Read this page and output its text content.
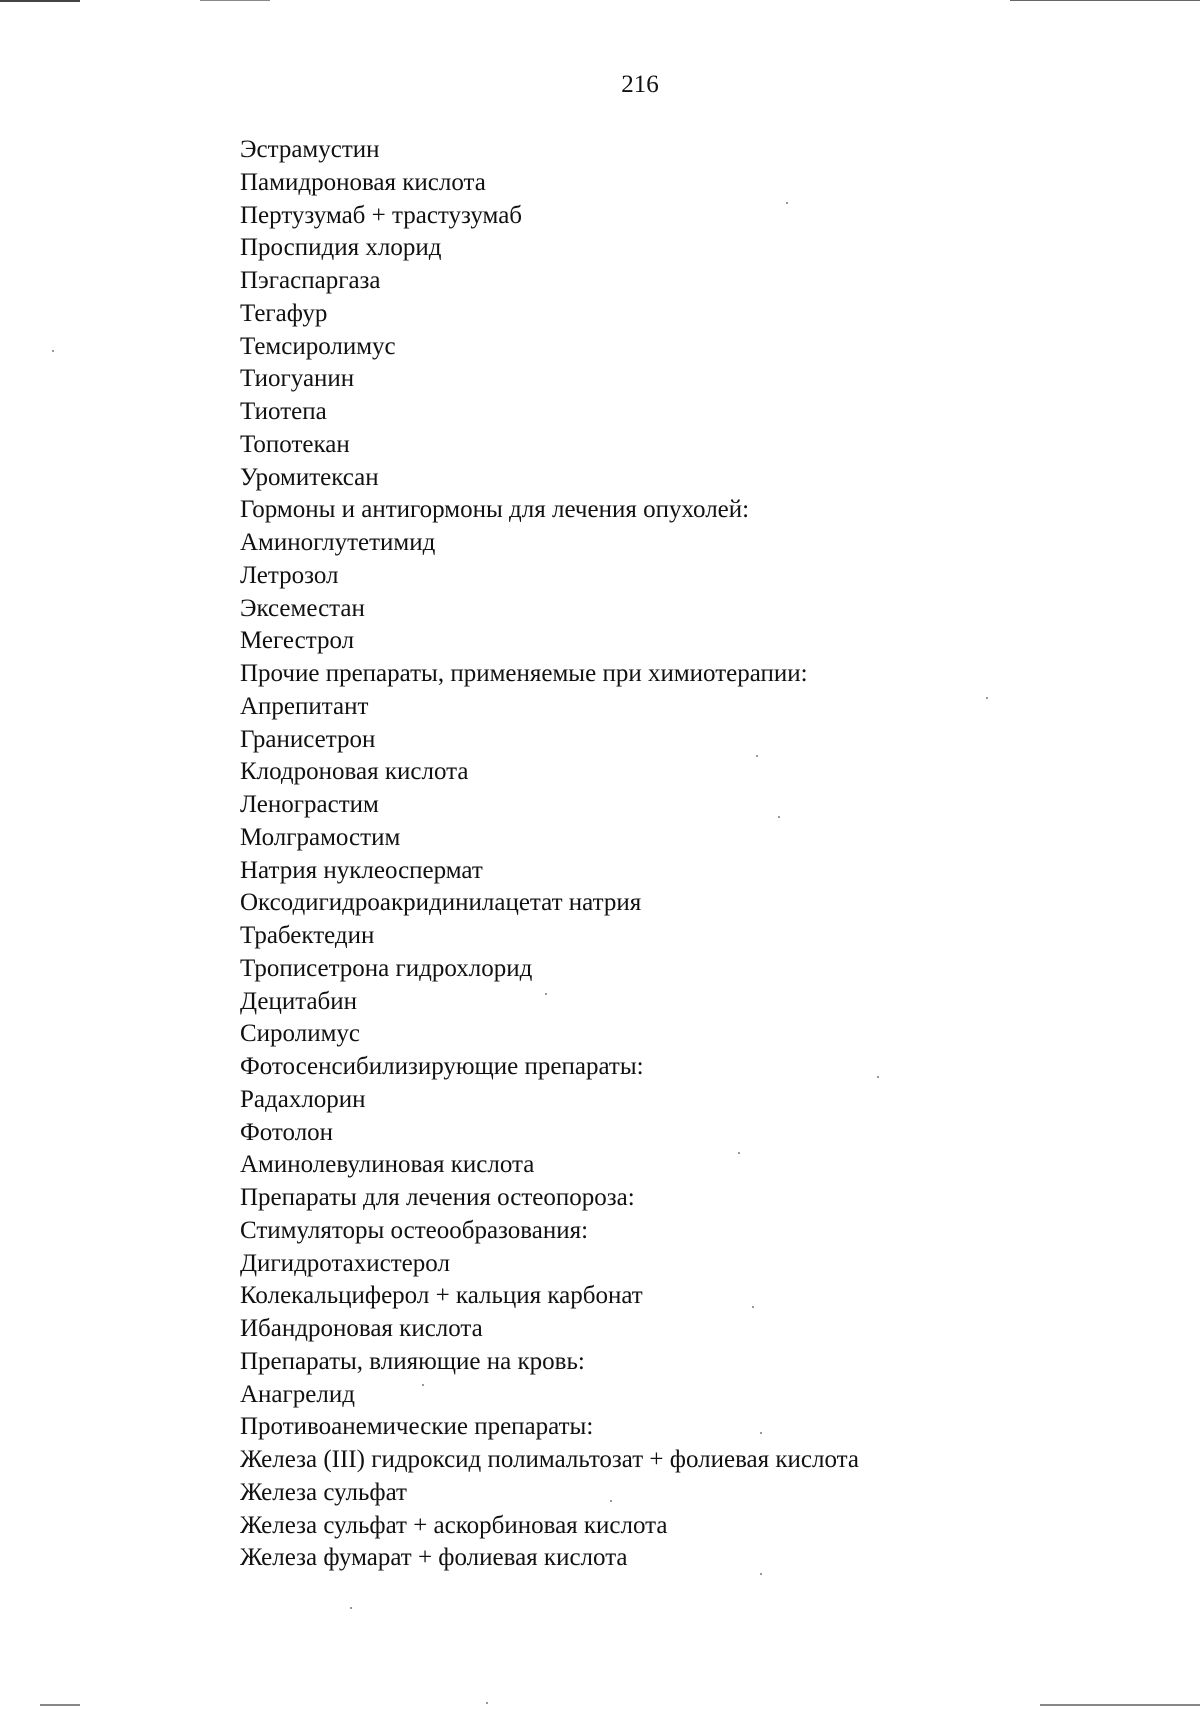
216
Эстрамустин
Памидроновая кислота
Пертузумаб + трастузумаб
Проспидия хлорид
Пэгаспаргаза
Тегафур
Темсиролимус
Тиогуанин
Тиотепа
Топотекан
Уромитексан
Гормоны и антигормоны для лечения опухолей:
Аминоглутетимид
Летрозол
Эксеместан
Мегестрол
Прочие препараты, применяемые при химиотерапии:
Апрепитант
Гранисетрон
Клодроновая кислота
Ленограстим
Молграмостим
Натрия нуклеоспермат
Оксодигидроакридинилацетат натрия
Трабектедин
Трописетрона гидрохлорид
Децитабин
Сиролимус
Фотосенсибилизирующие препараты:
Радахлорин
Фотолон
Аминолевулиновая кислота
Препараты для лечения остеопороза:
Стимуляторы остеообразования:
Дигидротахистерол
Колекальциферол + кальция карбонат
Ибандроновая кислота
Препараты, влияющие на кровь:
Анагрелид
Противоанемические препараты:
Железа (III) гидроксид полимальтозат + фолиевая кислота
Железа сульфат
Железа сульфат + аскорбиновая кислота
Железа фумарат + фолиевая кислота
